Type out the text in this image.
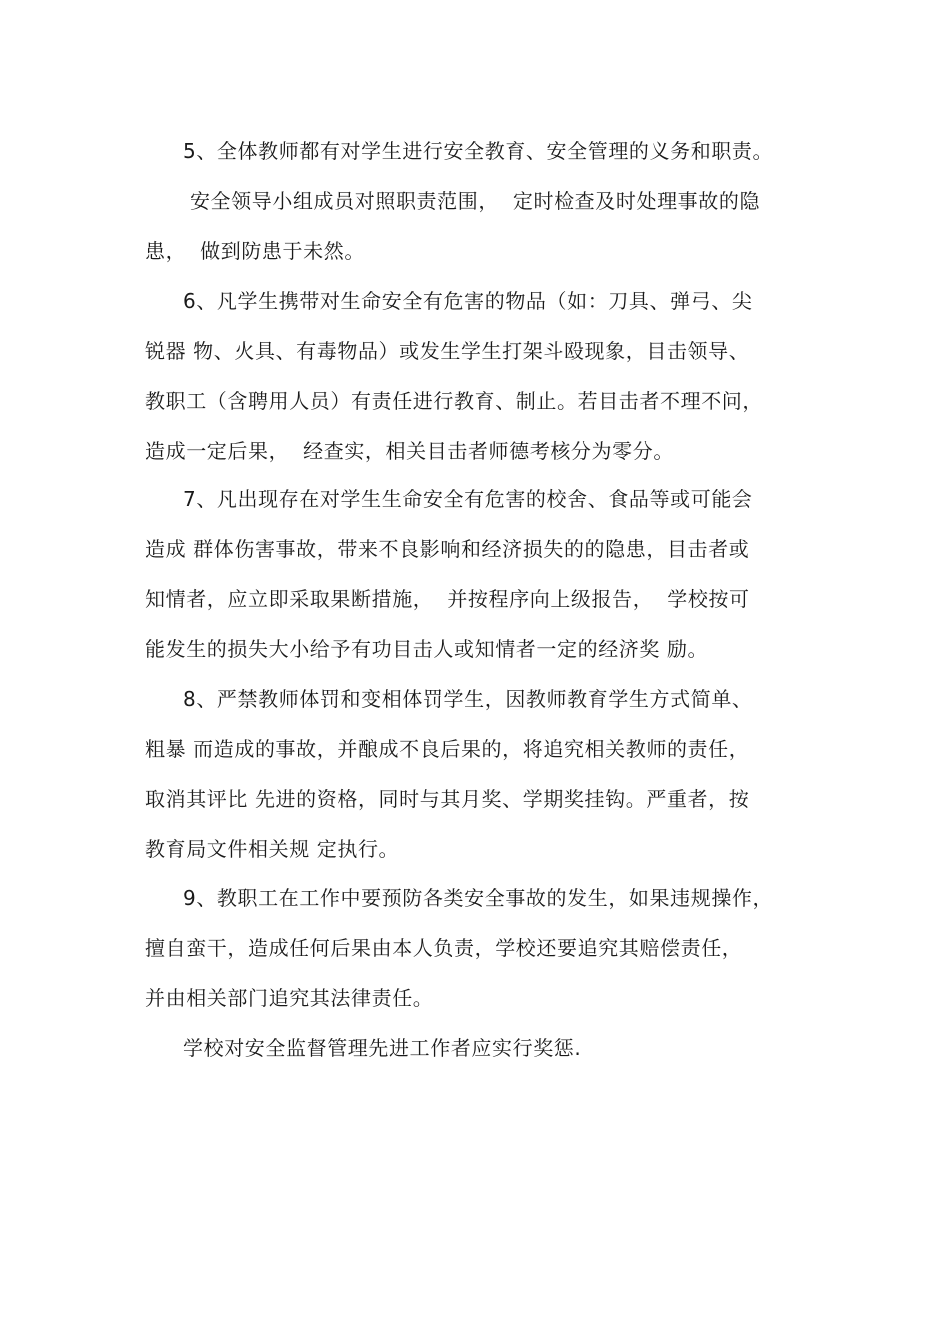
5、全体教师都有对学生进行安全教育、安全管理的义务和职责。
安全领导小组成员对照职责范围，  定时检查及时处理事故的隐
患，  做到防患于未然。
6、凡学生携带对生命安全有危害的物品（如：刀具、弹弓、尖
锐器 物、火具、有毒物品）或发生学生打架斗殴现象，目击领导、
教职工（含聘用人员）有责任进行教育、制止。若目击者不理不问，
造成一定后果，  经查实，相关目击者师德考核分为零分。
7、凡出现存在对学生生命安全有危害的校舍、食品等或可能会
造成 群体伤害事故，带来不良影响和经济损失的的隐患，目击者或
知情者，应立即采取果断措施，  并按程序向上级报告，  学校按可
能发生的损失大小给予有功目击人或知情者一定的经济奖 励。
8、严禁教师体罚和变相体罚学生，因教师教育学生方式简单、
粗暴 而造成的事故，并酿成不良后果的，将追究相关教师的责任，
取消其评比 先进的资格，同时与其月奖、学期奖挂钩。严重者，按
教育局文件相关规 定执行。
9、教职工在工作中要预防各类安全事故的发生，如果违规操作，
擅自蛮干，造成任何后果由本人负责，学校还要追究其赔偿责任，
并由相关部门追究其法律责任。
学校对安全监督管理先进工作者应实行奖惩.
